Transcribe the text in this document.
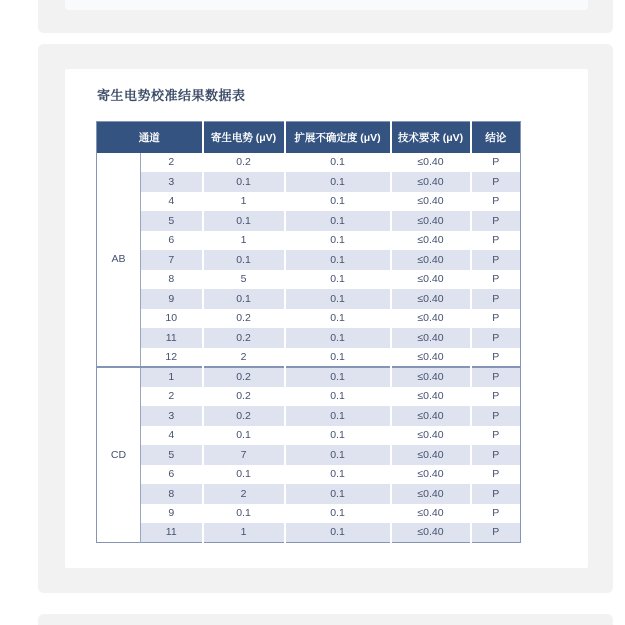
寄生电势校准结果数据表
通道		寄生电势 (μV)	扩展不确定度 (μV)	技术要求 (μV)	结论
AB	2	0.2	0.1	≤0.40	P
	3	0.1	0.1	≤0.40	P
	4	1	0.1	≤0.40	P
	5	0.1	0.1	≤0.40	P
	6	1	0.1	≤0.40	P
	7	0.1	0.1	≤0.40	P
	8	5	0.1	≤0.40	P
	9	0.1	0.1	≤0.40	P
	10	0.2	0.1	≤0.40	P
	11	0.2	0.1	≤0.40	P
	12	2	0.1	≤0.40	P
CD	1	0.2	0.1	≤0.40	P
	2	0.2	0.1	≤0.40	P
	3	0.2	0.1	≤0.40	P
	4	0.1	0.1	≤0.40	P
	5	7	0.1	≤0.40	P
	6	0.1	0.1	≤0.40	P
	8	2	0.1	≤0.40	P
	9	0.1	0.1	≤0.40	P
	11	1	0.1	≤0.40	P
